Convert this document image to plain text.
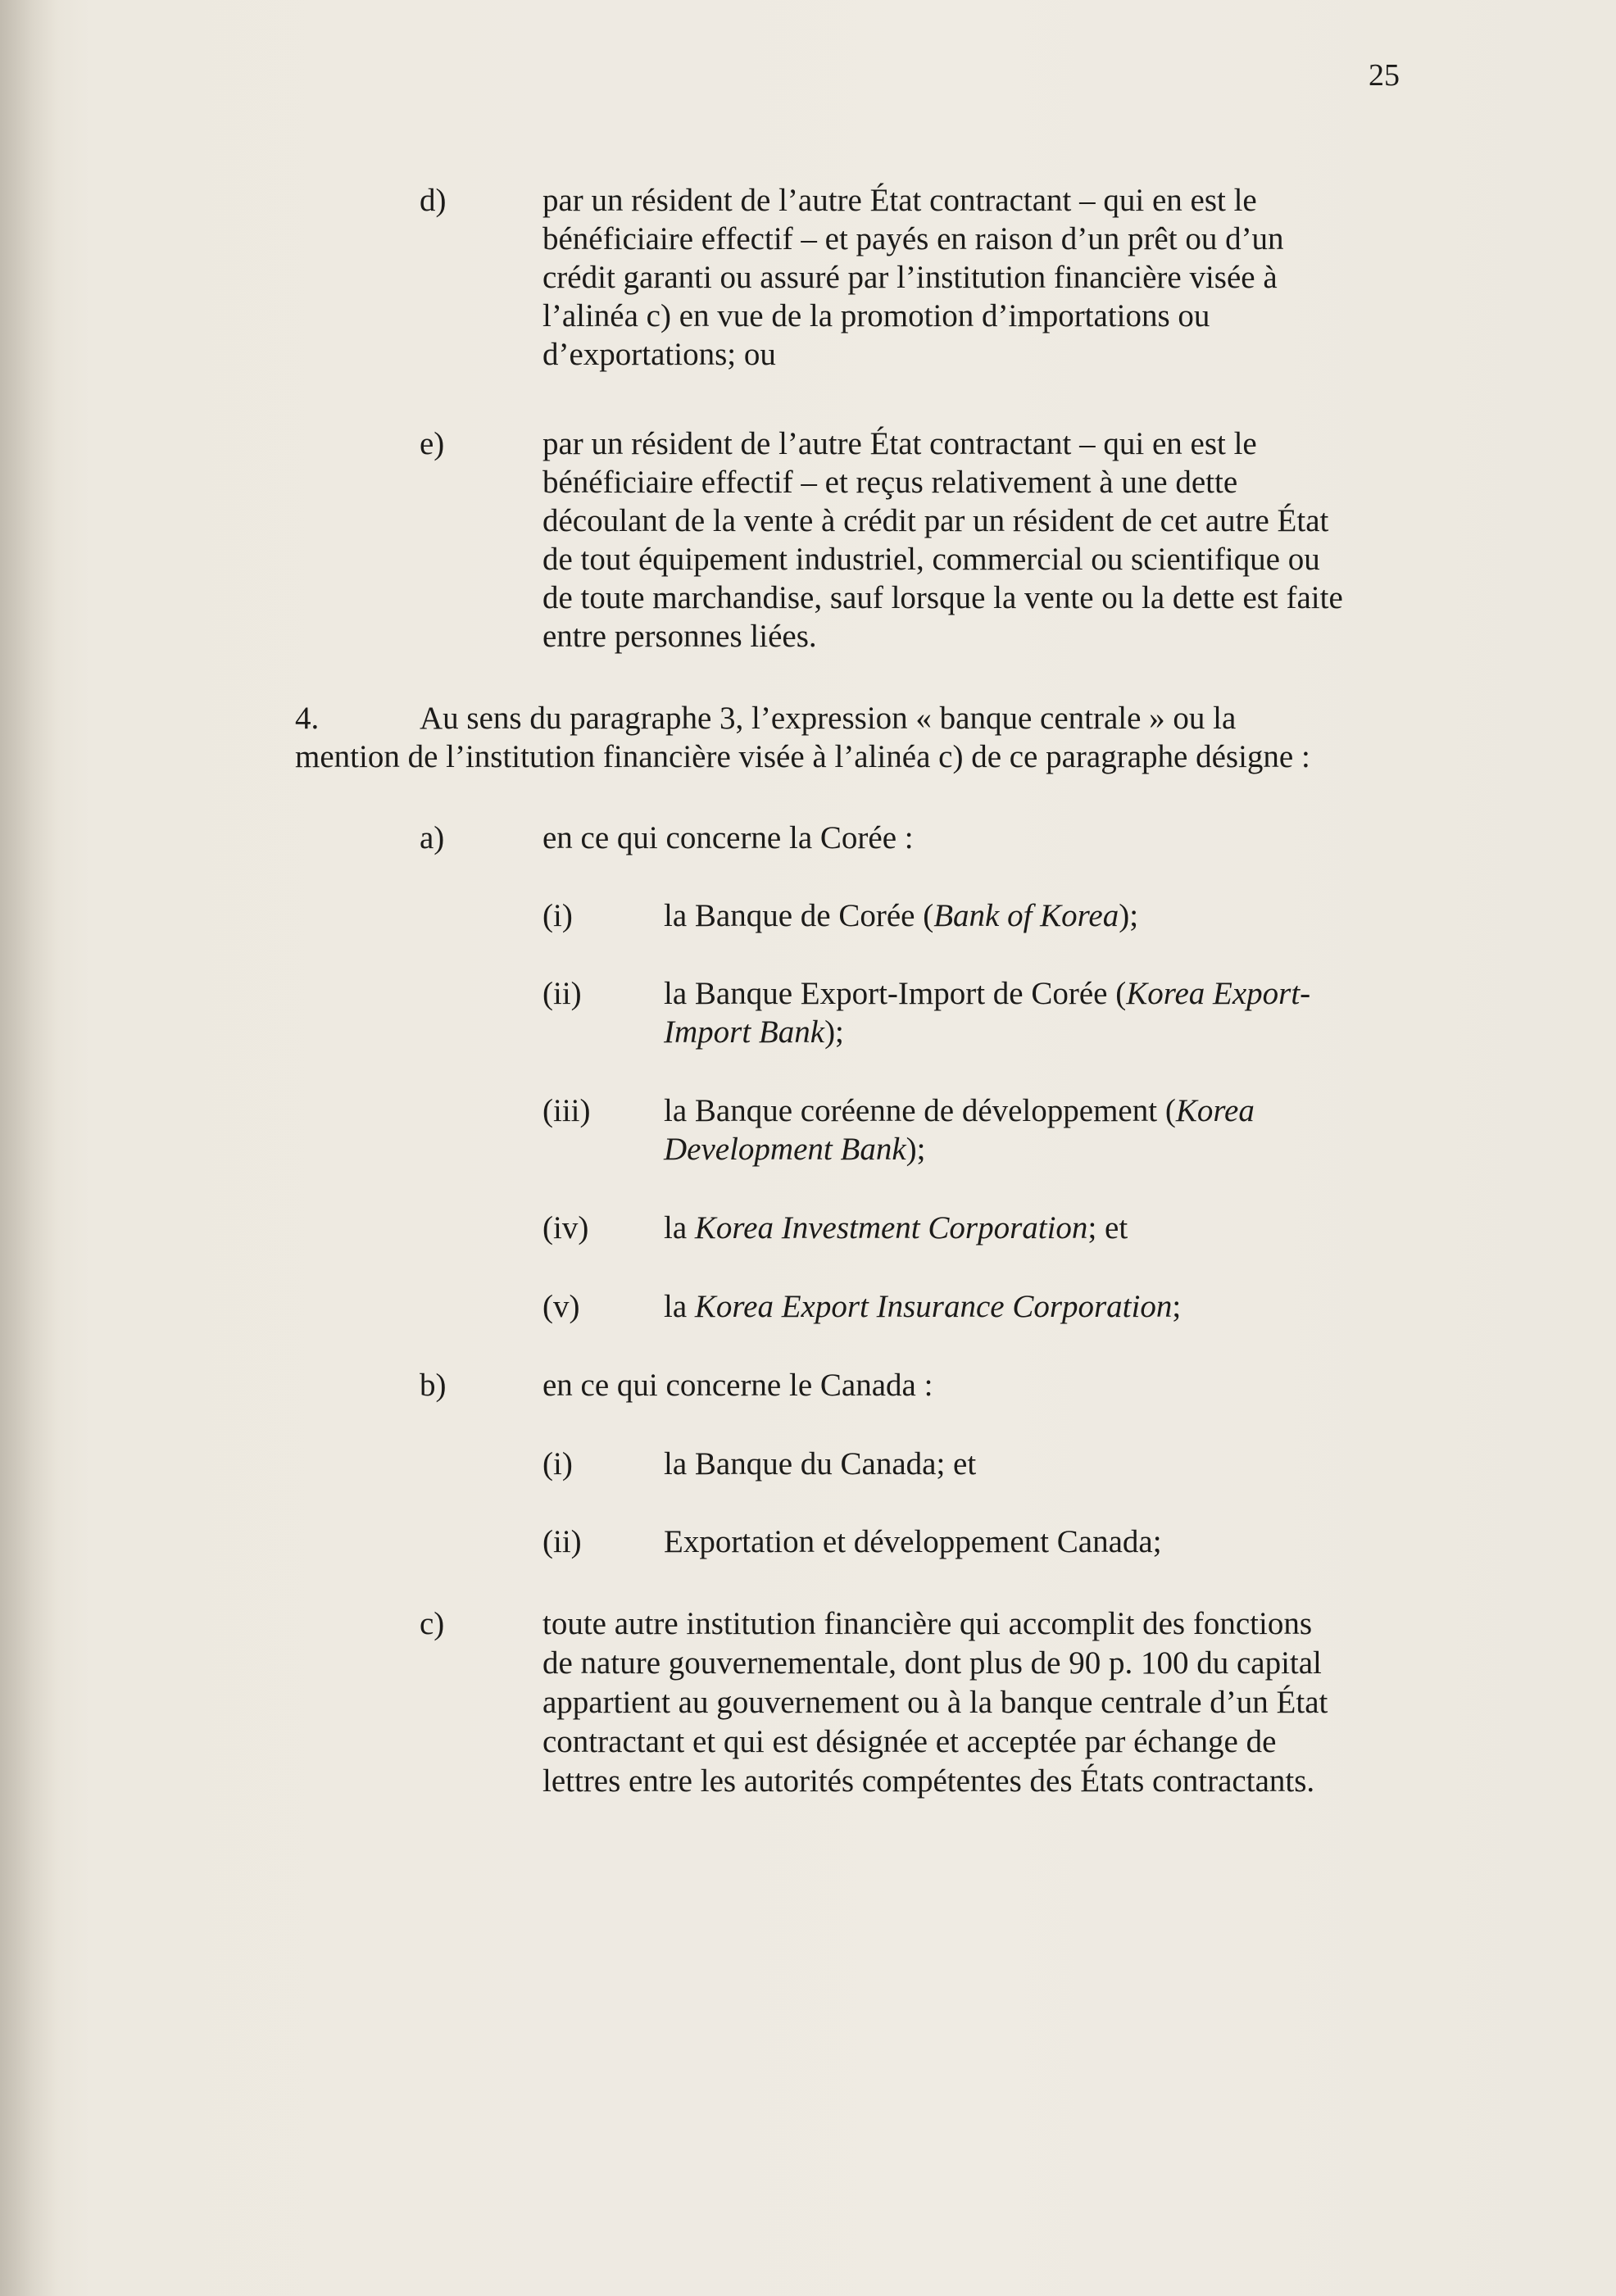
25

d)	par un résident de l’autre État contractant – qui en est le

bénéficiaire effectif – et payés en raison d’un prêt ou d’un

crédit garanti ou assuré par l’institution financière visée à

l’alinéa c) en vue de la promotion d’importations ou

d’exportations; ou

e)	par un résident de l’autre État contractant – qui en est le

bénéficiaire effectif – et reçus relativement à une dette

découlant de la vente à crédit par un résident de cet autre État

de tout équipement industriel, commercial ou scientifique ou

de toute marchandise, sauf lorsque la vente ou la dette est faite

entre personnes liées.

4.	Au sens du paragraphe 3, l’expression « banque centrale » ou la

mention de l’institution financière visée à l’alinéa c) de ce paragraphe désigne :

a)	en ce qui concerne la Corée :

(i)	la Banque de Corée (Bank of Korea);

(ii)	la Banque Export-Import de Corée (Korea Export-

Import Bank);

(iii) la Banque coréenne de développement (Korea

Development Bank);

(iv) la Korea Investment Corporation; et

(v)	la Korea Export Insurance Corporation;

b)	en ce qui concerne le Canada :

(i)	la Banque du Canada; et

(ii)	Exportation et développement Canada;

c)	toute autre institution financière qui accomplit des fonctions

de nature gouvernementale, dont plus de 90 p. 100 du capital

appartient au gouvernement ou à la banque centrale d’un État

contractant et qui est désignée et acceptée par échange de

lettres entre les autorités compétentes des États contractants.
